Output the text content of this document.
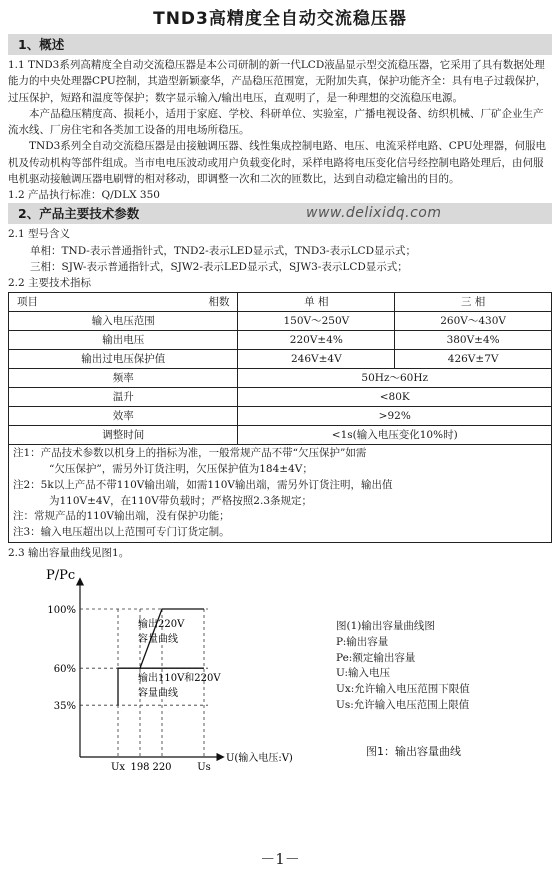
TND3高精度全自动交流稳压器
1、概述

1.1 TND3系列高精度全自动交流稳压器是本公司研制的新一代LCD液晶显示型交流稳压器，它采用了具有数据处理能力的中央处理器CPU控制，其造型新颖豪华，产品稳压范围宽，无附加失真，保护功能齐全：具有电子过载保护，过压保护，短路和温度等保护；数字显示输入/输出电压，直观明了，是一种理想的交流稳压电源。

本产品稳压精度高、损耗小，适用于家庭、学校、科研单位、实验室，广播电视设备、纺织机械、厂矿企业生产流水线、厂房住宅和各类加工设备的用电场所稳压。

TND3系列全自动交流稳压器是由接触调压器、线性集成控制电路、电压、电流采样电路、CPU处理器，伺服电机及传动机构等部件组成。当市电电压波动或用户负载变化时，采样电路将电压变化信号经控制电路处理后，由伺服电机驱动接触调压器电刷臂的相对移动，即调整一次和二次的匝数比，达到自动稳定输出的目的。

1.2 产品执行标准：Q/DLX 350

2、产品主要技术参数	www.delixidq.com

2.1 型号含义

单相：TND-表示普通指针式，TND2-表示LED显示式，TND3-表示LCD显示式；

三相：SJW-表示普通指针式，SJW2-表示LED显示式，SJW3-表示LCD显示式；

2.2 主要技术指标

项目 相数	单 相	三 相
输入电压范围	150V～250V	260V～430V
输出电压	220V±4%	380V±4%
输出过电压保护值	246V±4V	426V±7V
频率	50Hz～60Hz	
温升	<80K	
效率	>92%	
调整时间	<1s(输入电压变化10%时)	
注1：产品技术参数以机身上的指标为准，一般常规产品不带“欠压保护”如需
“欠压保护”，需另外订货注明，欠压保护值为184±4V；
注2：5k以上产品不带110V输出端，如需110V输出端，需另外订货注明，输出值
为110V±4V，在110V带负载时；严格按照2.3条规定；
注：常规产品的110V输出端，没有保护功能；
注3：输入电压超出以上范围可专门订货定制。

2.3 输出容量曲线见图1。

P/Pc
U(输入电压:V)
100%
60%
35%
Ux 198 220	Us
输出220V
容量曲线
输出110V和220V
容量曲线
图(1)输出容量曲线图
P:输出容量
Pe:额定输出容量
U:输入电压
Ux:允许输入电压范围下限值
Us:允许输入电压范围上限值
图1：输出容量曲线
－1－
